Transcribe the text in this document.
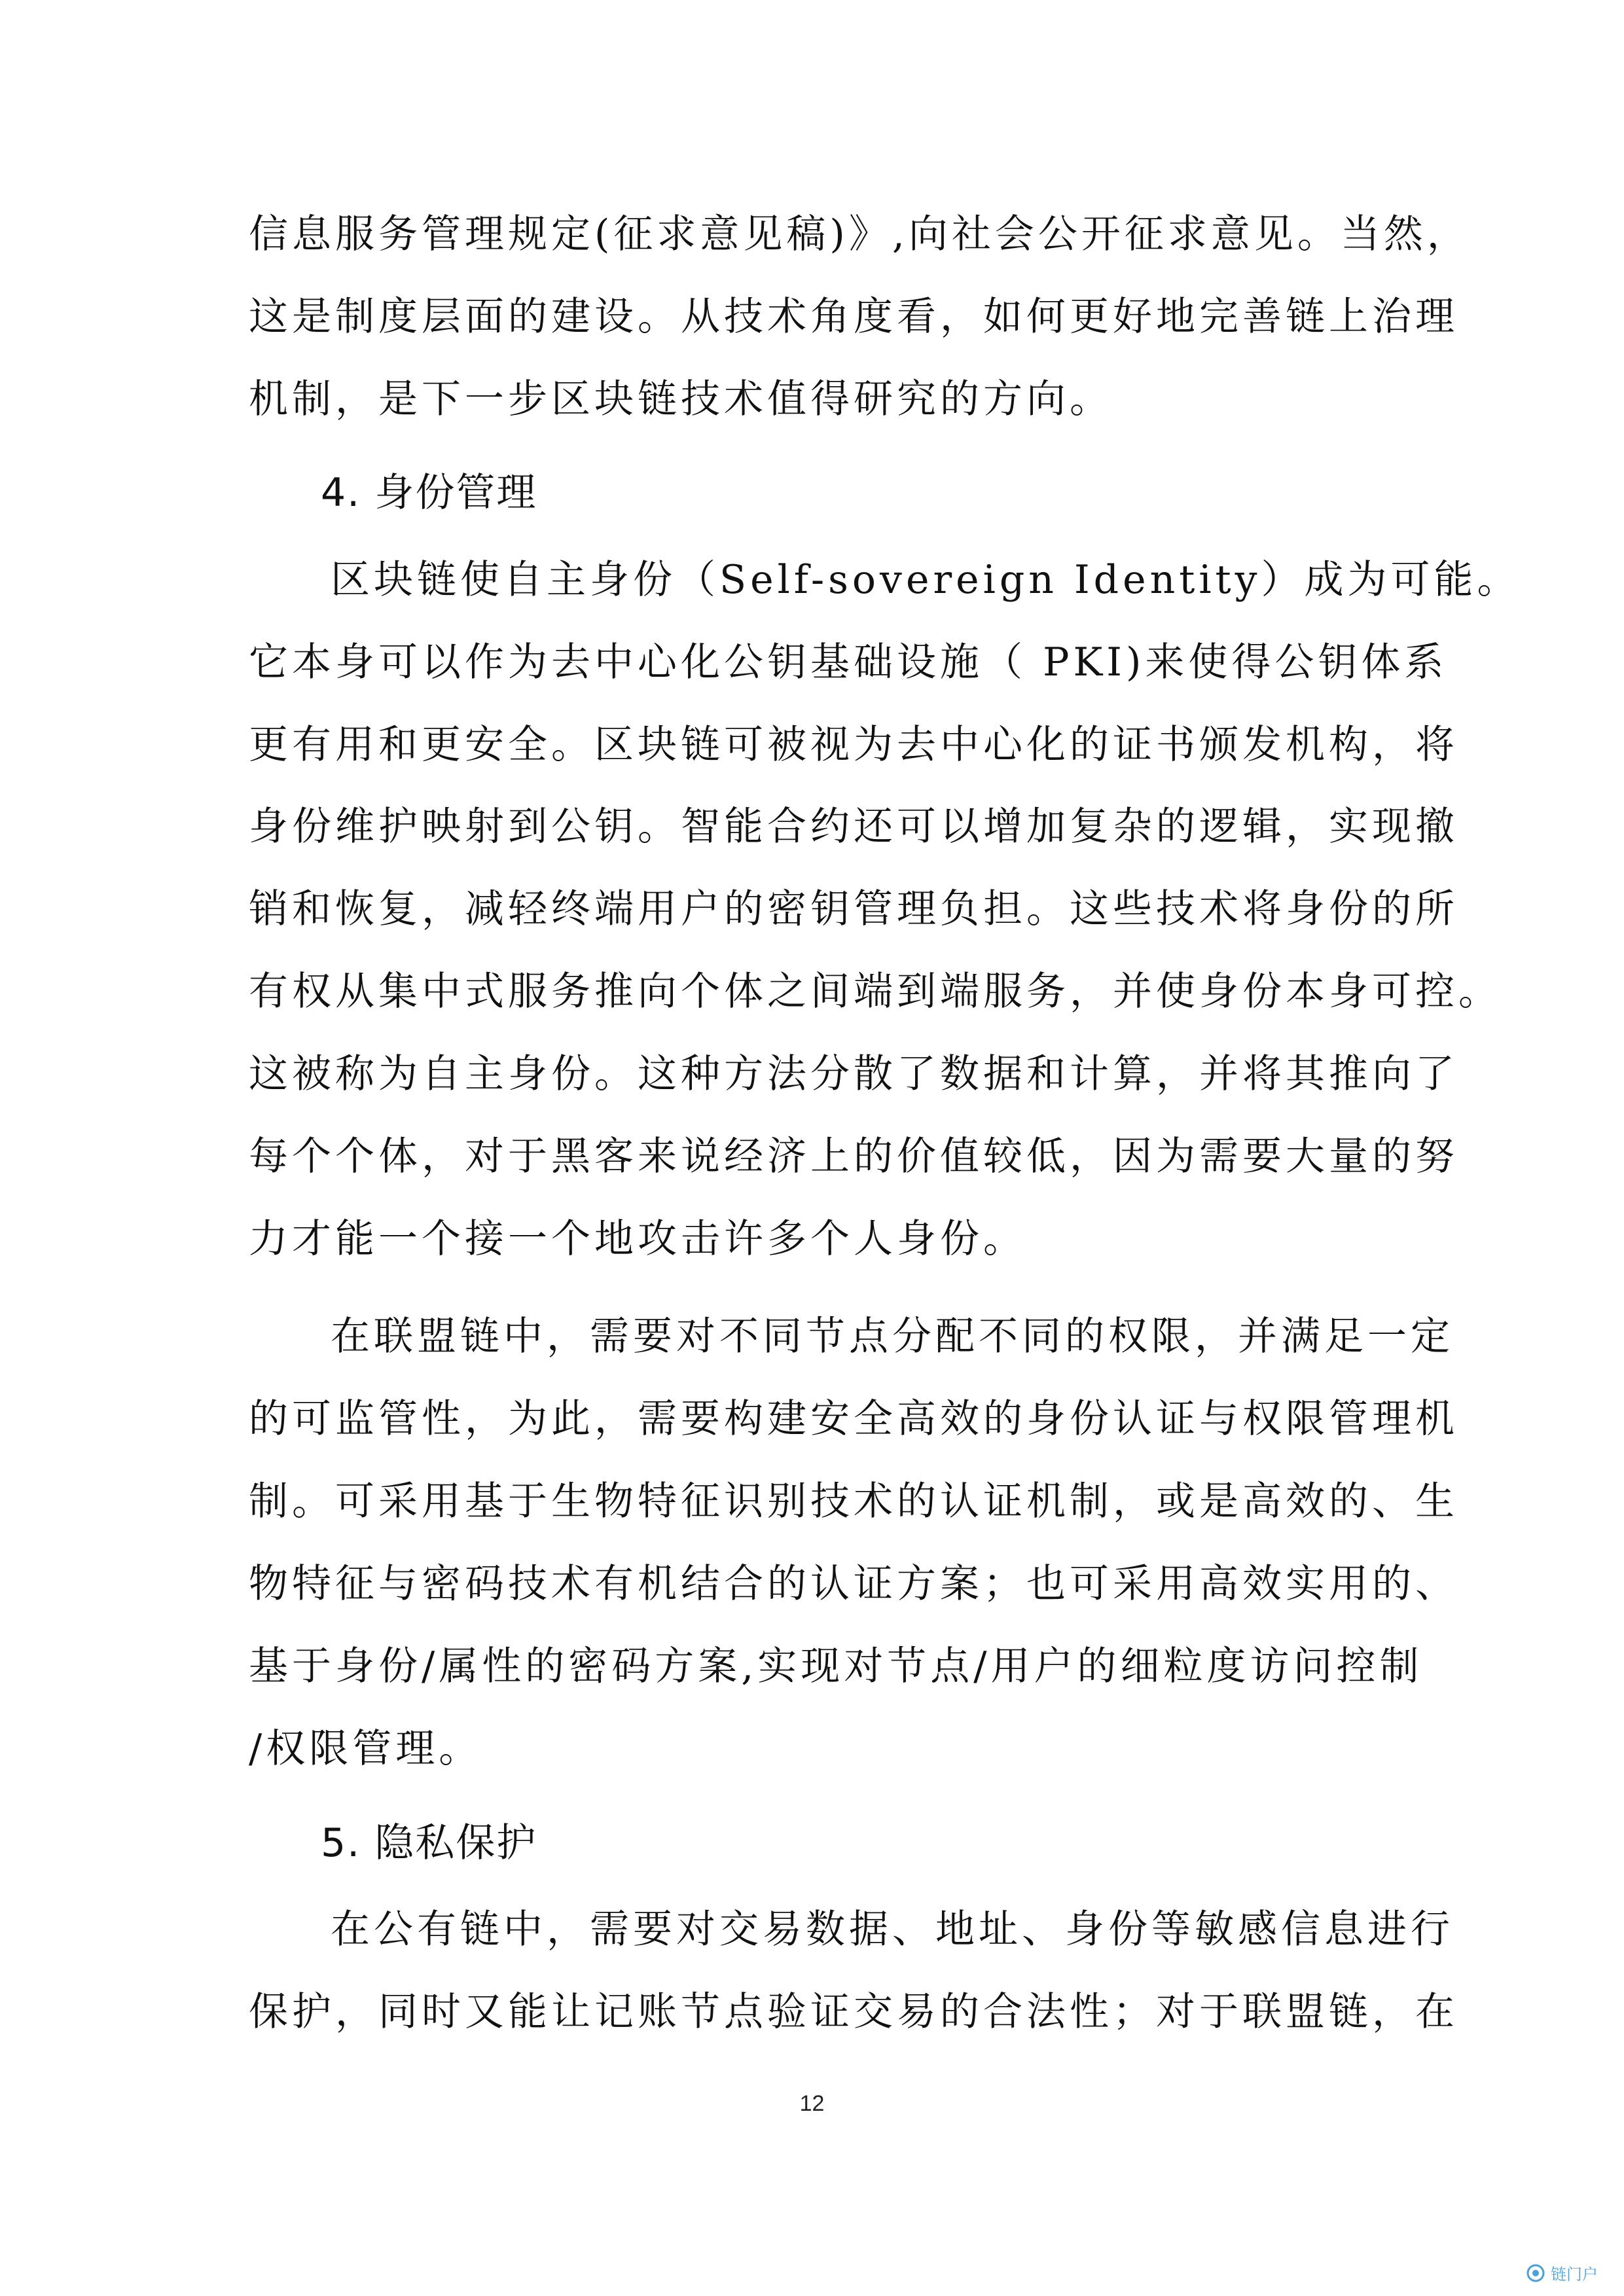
信息服务管理规定(征求意见稿)》,向社会公开征求意见。当然，
这是制度层面的建设。从技术角度看，如何更好地完善链上治理
机制，是下一步区块链技术值得研究的方向。
4. 身份管理
区块链使自主身份（Self-sovereign Identity）成为可能。
它本身可以作为去中心化公钥基础设施（ PKI)来使得公钥体系
更有用和更安全。区块链可被视为去中心化的证书颁发机构，将
身份维护映射到公钥。智能合约还可以增加复杂的逻辑，实现撤
销和恢复，减轻终端用户的密钥管理负担。这些技术将身份的所
有权从集中式服务推向个体之间端到端服务，并使身份本身可控。
这被称为自主身份。这种方法分散了数据和计算，并将其推向了
每个个体，对于黑客来说经济上的价值较低，因为需要大量的努
力才能一个接一个地攻击许多个人身份。
在联盟链中，需要对不同节点分配不同的权限，并满足一定
的可监管性，为此，需要构建安全高效的身份认证与权限管理机
制。可采用基于生物特征识别技术的认证机制，或是高效的、生
物特征与密码技术有机结合的认证方案；也可采用高效实用的、
基于身份/属性的密码方案,实现对节点/用户的细粒度访问控制
/权限管理。
5. 隐私保护
在公有链中，需要对交易数据、地址、身份等敏感信息进行
保护，同时又能让记账节点验证交易的合法性；对于联盟链，在
12
链门户
